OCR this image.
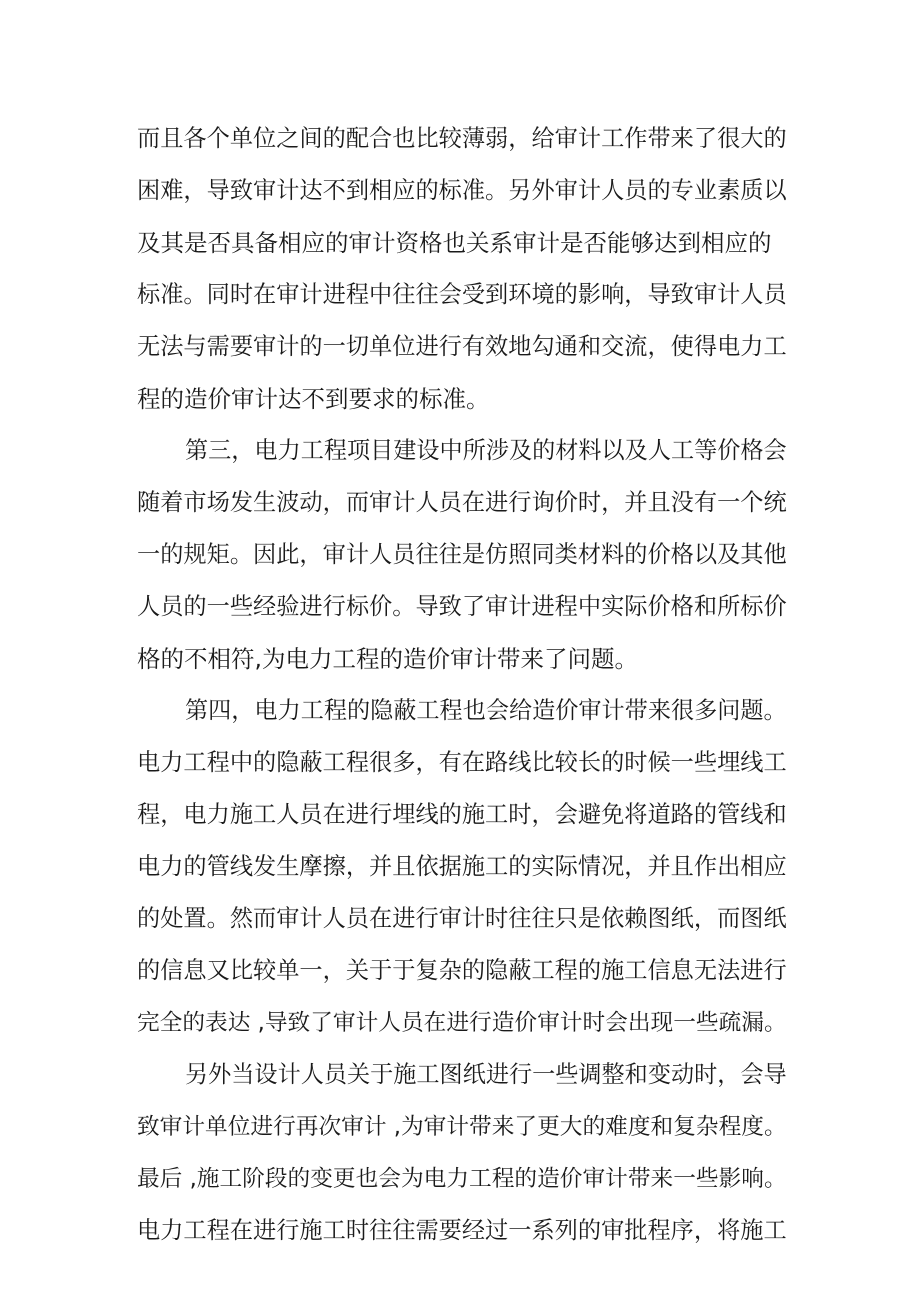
而且各个单位之间的配合也比较薄弱，给审计工作带来了很大的
困难，导致审计达不到相应的标准。另外审计人员的专业素质以
及其是否具备相应的审计资格也关系审计是否能够达到相应的
标准。同时在审计进程中往往会受到环境的影响，导致审计人员
无法与需要审计的一切单位进行有效地勾通和交流，使得电力工
程的造价审计达不到要求的标准。
第三，电力工程项目建设中所涉及的材料以及人工等价格会
随着市场发生波动，而审计人员在进行询价时，并且没有一个统
一的规矩。因此，审计人员往往是仿照同类材料的价格以及其他
人员的一些经验进行标价。导致了审计进程中实际价格和所标价
格的不相符,为电力工程的造价审计带来了问题。
第四，电力工程的隐蔽工程也会给造价审计带来很多问题。
电力工程中的隐蔽工程很多，有在路线比较长的时候一些埋线工
程，电力施工人员在进行埋线的施工时，会避免将道路的管线和
电力的管线发生摩擦，并且依据施工的实际情况，并且作出相应
的处置。然而审计人员在进行审计时往往只是依赖图纸，而图纸
的信息又比较单一，关于于复杂的隐蔽工程的施工信息无法进行
完全的表达 ,导致了审计人员在进行造价审计时会出现一些疏漏。
另外当设计人员关于施工图纸进行一些调整和变动时，会导
致审计单位进行再次审计 ,为审计带来了更大的难度和复杂程度。
最后 ,施工阶段的变更也会为电力工程的造价审计带来一些影响。
电力工程在进行施工时往往需要经过一系列的审批程序，将施工
